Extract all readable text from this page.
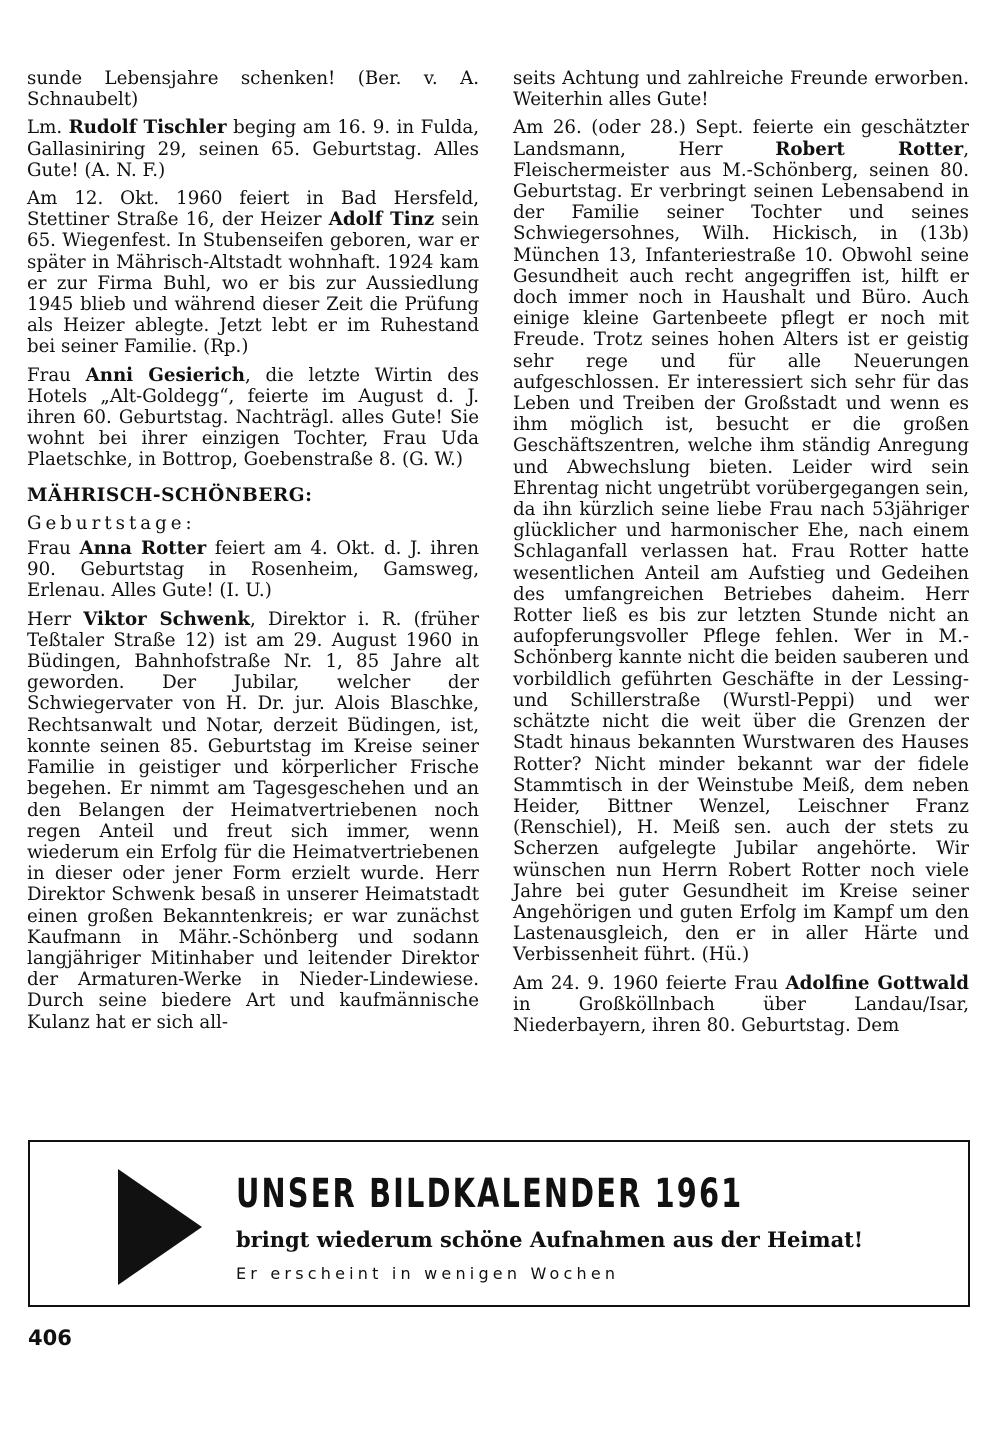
sunde Lebensjahre schenken! (Ber. v. A. Schnaubelt)

Lm. Rudolf Tischler beging am 16. 9. in Fulda, Gallasiniring 29, seinen 65. Geburtstag. Alles Gute! (A. N. F.)

Am 12. Okt. 1960 feiert in Bad Hersfeld, Stettiner Straße 16, der Heizer Adolf Tinz sein 65. Wiegenfest. In Stubenseifen geboren, war er später in Mährisch-Altstadt wohnhaft. 1924 kam er zur Firma Buhl, wo er bis zur Aussiedlung 1945 blieb und während dieser Zeit die Prüfung als Heizer ablegte. Jetzt lebt er im Ruhestand bei seiner Familie. (Rp.)

Frau Anni Gesierich, die letzte Wirtin des Hotels „Alt-Goldegg“, feierte im August d. J. ihren 60. Geburtstag. Nachträgl. alles Gute! Sie wohnt bei ihrer einzigen Tochter, Frau Uda Plaetschke, in Bottrop, Goebenstraße 8. (G. W.)

MÄHRISCH-SCHÖNBERG:
Geburtstage:

Frau Anna Rotter feiert am 4. Okt. d. J. ihren 90. Geburtstag in Rosenheim, Gamsweg, Erlenau. Alles Gute! (I. U.)

Herr Viktor Schwenk, Direktor i. R. (früher Teßtaler Straße 12) ist am 29. August 1960 in Büdingen, Bahnhofstraße Nr. 1, 85 Jahre alt geworden. Der Jubilar, welcher der Schwiegervater von H. Dr. jur. Alois Blaschke, Rechtsanwalt und Notar, derzeit Büdingen, ist, konnte seinen 85. Geburtstag im Kreise seiner Familie in geistiger und körperlicher Frische begehen. Er nimmt am Tagesgeschehen und an den Belangen der Heimatvertriebenen noch regen Anteil und freut sich immer, wenn wiederum ein Erfolg für die Heimatvertriebenen in dieser oder jener Form erzielt wurde. Herr Direktor Schwenk besaß in unserer Heimatstadt einen großen Bekanntenkreis; er war zunächst Kaufmann in Mähr.-Schönberg und sodann langjähriger Mitinhaber und leitender Direktor der Armaturen-Werke in Nieder-Lindewiese. Durch seine biedere Art und kaufmännische Kulanz hat er sich all-

seits Achtung und zahlreiche Freunde erworben. Weiterhin alles Gute!

Am 26. (oder 28.) Sept. feierte ein geschätzter Landsmann, Herr Robert Rotter, Fleischermeister aus M.-Schönberg, seinen 80. Geburtstag. Er verbringt seinen Lebensabend in der Familie seiner Tochter und seines Schwiegersohnes, Wilh. Hickisch, in (13b) München 13, Infanteriestraße 10. Obwohl seine Gesundheit auch recht angegriffen ist, hilft er doch immer noch in Haushalt und Büro. Auch einige kleine Gartenbeete pflegt er noch mit Freude. Trotz seines hohen Alters ist er geistig sehr rege und für alle Neuerungen aufgeschlossen. Er interessiert sich sehr für das Leben und Treiben der Großstadt und wenn es ihm möglich ist, besucht er die großen Geschäftszentren, welche ihm ständig Anregung und Abwechslung bieten. Leider wird sein Ehrentag nicht ungetrübt vorübergegangen sein, da ihn kürzlich seine liebe Frau nach 53jähriger glücklicher und harmonischer Ehe, nach einem Schlaganfall verlassen hat. Frau Rotter hatte wesentlichen Anteil am Aufstieg und Gedeihen des umfangreichen Betriebes daheim. Herr Rotter ließ es bis zur letzten Stunde nicht an aufopferungsvoller Pflege fehlen. Wer in M.-Schönberg kannte nicht die beiden sauberen und vorbildlich geführten Geschäfte in der Lessing- und Schillerstraße (Wurstl-Peppi) und wer schätzte nicht die weit über die Grenzen der Stadt hinaus bekannten Wurstwaren des Hauses Rotter? Nicht minder bekannt war der fidele Stammtisch in der Weinstube Meiß, dem neben Heider, Bittner Wenzel, Leischner Franz (Renschiel), H. Meiß sen. auch der stets zu Scherzen aufgelegte Jubilar angehörte. Wir wünschen nun Herrn Robert Rotter noch viele Jahre bei guter Gesundheit im Kreise seiner Angehörigen und guten Erfolg im Kampf um den Lastenausgleich, den er in aller Härte und Verbissenheit führt. (Hü.)

Am 24. 9. 1960 feierte Frau Adolfine Gottwald in Großköllnbach über Landau/Isar, Niederbayern, ihren 80. Geburtstag. Dem

UNSER BILDKALENDER 1961
bringt wiederum schöne Aufnahmen aus der Heimat!
Er erscheint in wenigen Wochen
406
